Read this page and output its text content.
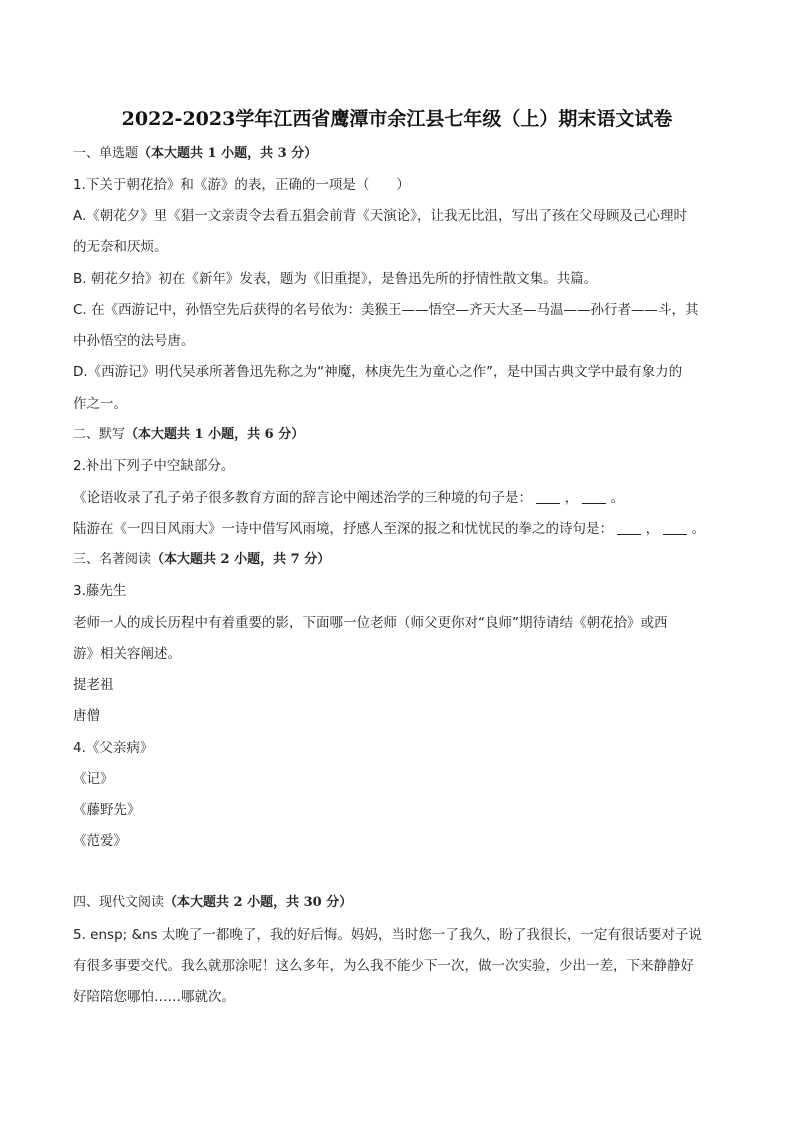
2022-2023学年江西省鹰潭市余江县七年级（上）期末语文试卷
一、单选题（本大题共 1 小题，共 3 分）
1.下关于朝花拾》和《游》的表，正确的一项是（　　）
A.《朝花夕》里《猖一文亲责令去看五猖会前背《天演论》，让我无比沮，写出了孩在父母顾及己心理时
的无奈和厌烦。
B. 朝花夕拾》初在《新年》发表，题为《旧重提》，是鲁迅先所的抒情性散文集。共篇。
C. 在《西游记中，孙悟空先后获得的名号依为：美猴王——悟空—齐天大圣—马温——孙行者——斗，其
中孙悟空的法号唐。
D.《西游记》明代吴承所著鲁迅先称之为“神魔，林庚先生为童心之作”，是中国古典文学中最有象力的
作之一。
二、默写（本大题共 1 小题，共 6 分）
2.补出下列子中空缺部分。
《论语收录了孔子弟子很多教育方面的辞言论中阐述治学的三种境的句子是：  ，  。
陆游在《一四日风雨大》一诗中借写风雨境，抒感人至深的报之和忧忧民的拳之的诗句是：  ，  。
三、名著阅读（本大题共 2 小题，共 7 分）
3.藤先生
老师一人的成长历程中有着重要的影，下面哪一位老师（师父更你对“良师”期待请结《朝花拾》或西
游》相关容阐述。
提老祖
唐僧
4.《父亲病》
《记》
《藤野先》
《范爱》
四、现代文阅读（本大题共 2 小题，共 30 分）
5. ensp; &ns 太晚了一都晚了，我的好后悔。妈妈，当时您一了我久，盼了我很长，一定有很话要对子说
有很多事要交代。我么就那涂呢！这么多年，为么我不能少下一次，做一次实验，少出一差，下来静静好
好陪陪您哪怕……哪就次。
